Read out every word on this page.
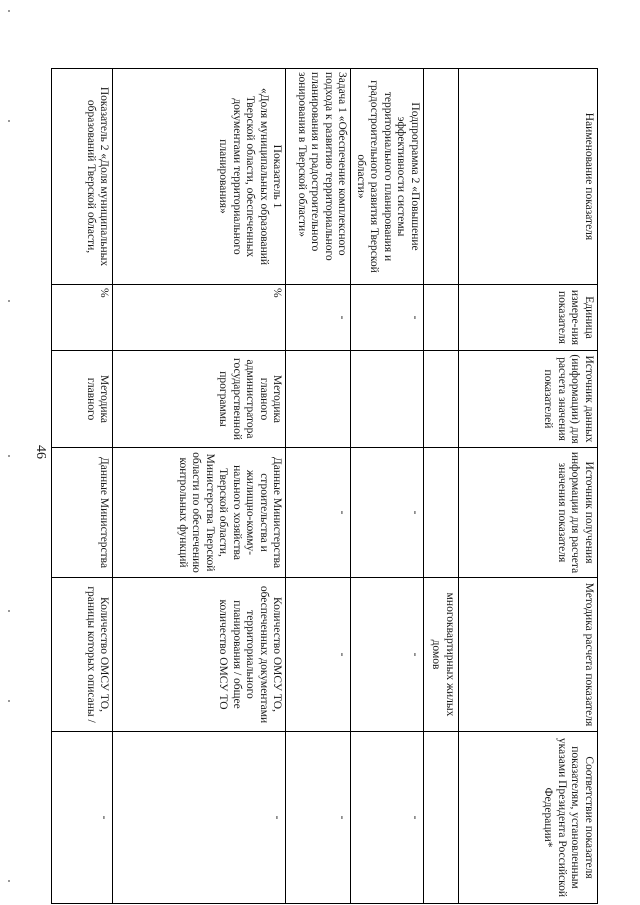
46
Наименование показателя	Единица измере-ния показателя	Источник данных (информации) для расчета значения показателей	Источник получения информации для расчета значения показателя	Методика расчета показателя	Соответствие показателя показателям, установленным указами Президента Российской Федерации*
				многоквартирных жилых домов	
Подпрограмма 2 «Повышение эффективности системы территориального планирования и градостроительного развития Тверской области»	-		-	-	-
Задача 1 «Обеспечение комплексного подхода к развитию территориального планирования и градостроительного зонирования в Тверской области»	-		-	-	-

Показатель 1
«Доля муниципальных образований Тверской области, обеспеченных документами территориального планирования»	%	Методика главного администратора государственной программы	Данные Министерства строительства и жилищно-комму-нального хозяйства Тверской области, Министерства Тверской области по обеспечению контрольных функций	Количество ОМСУ ТО, обеспеченных документами территориального планирования / общее количество ОМСУ ТО	-
Показатель 2 «Доля муниципальных образований Тверской области,	%	Методика главного	Данные Министерства	Количество ОМСУ ТО, границы которых описаны /	-
